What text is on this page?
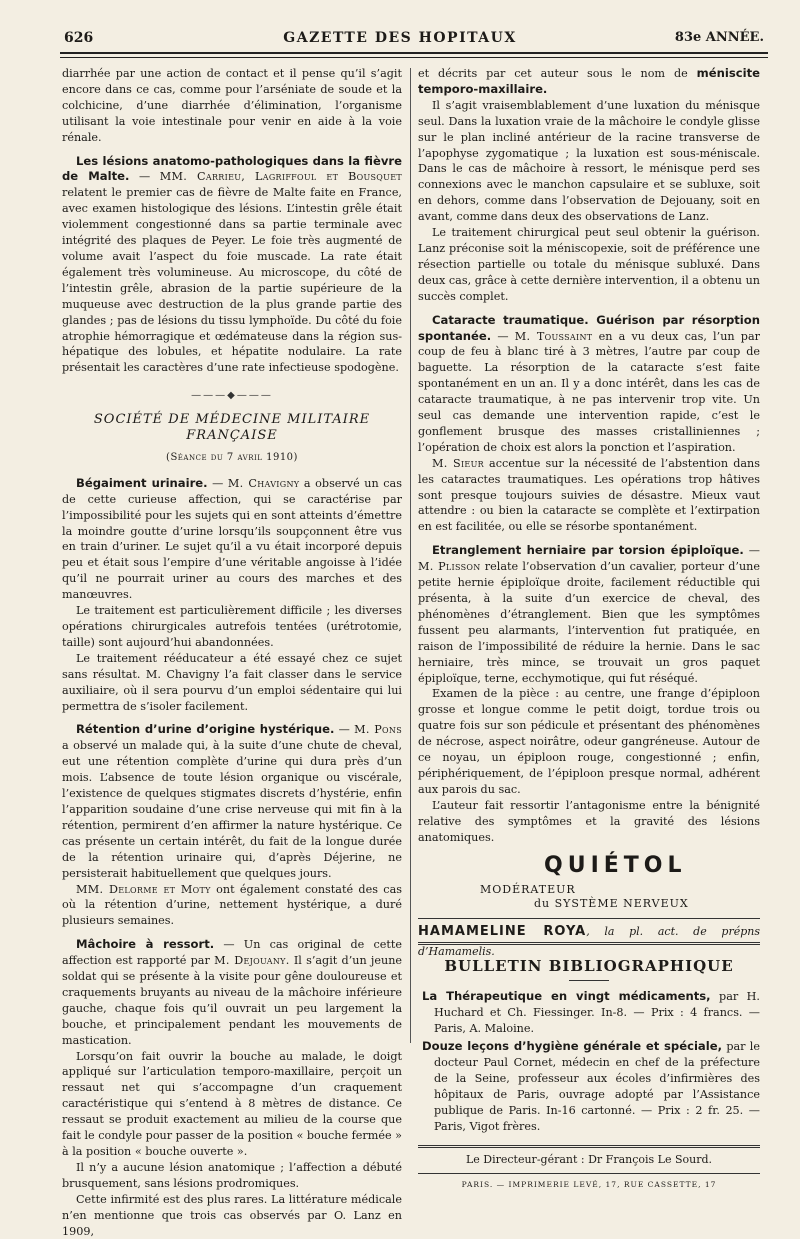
626	GAZETTE DES HOPITAUX	83e ANNÉE.

diarrhée par une action de contact et il pense qu’il s’agit encore dans ce cas, comme pour l’arséniate de soude et la colchicine, d’une diarrhée d’élimination, l’organisme utilisant la voie intestinale pour venir en aide à la voie rénale.

Les lésions anatomo-pathologiques dans la fièvre de Malte. — MM. Carrieu, Lagriffoul et Bousquet relatent le premier cas de fièvre de Malte faite en France, avec examen histologique des lésions. L’intestin grêle était violemment congestionné dans sa partie terminale avec intégrité des plaques de Peyer. Le foie très augmenté de volume avait l’aspect du foie muscade. La rate était également très volumineuse. Au microscope, du côté de l’intestin grêle, abrasion de la partie supérieure de la muqueuse avec destruction de la plus grande partie des glandes ; pas de lésions du tissu lymphoïde. Du côté du foie atrophie hémorragique et œdémateuse dans la région sus-hépatique des lobules, et hépatite nodulaire. La rate présentait les caractères d’une rate infectieuse spodogène.

———◆———
SOCIÉTÉ DE MÉDECINE MILITAIRE FRANÇAISE
(Séance du 7 avril 1910)

Bégaiment urinaire. — M. Chavigny a observé un cas de cette curieuse affection, qui se caractérise par l’impossibilité pour les sujets qui en sont atteints d’émettre la moindre goutte d’urine lorsqu’ils soupçonnent être vus en train d’uriner. Le sujet qu’il a vu était incorporé depuis peu et était sous l’empire d’une véritable angoisse à l’idée qu’il ne pourrait uriner au cours des marches et des manœuvres.

Le traitement est particulièrement difficile ; les diverses opérations chirurgicales autrefois tentées (urétrotomie, taille) sont aujourd’hui abandonnées.

Le traitement rééducateur a été essayé chez ce sujet sans résultat. M. Chavigny l’a fait classer dans le service auxiliaire, où il sera pourvu d’un emploi sédentaire qui lui permettra de s’isoler facilement.

Rétention d’urine d’origine hystérique. — M. Pons a observé un malade qui, à la suite d’une chute de cheval, eut une rétention complète d’urine qui dura près d’un mois. L’absence de toute lésion organique ou viscérale, l’existence de quelques stigmates discrets d’hystérie, enfin l’apparition soudaine d’une crise nerveuse qui mit fin à la rétention, permirent d’en affirmer la nature hystérique. Ce cas présente un certain intérêt, du fait de la longue durée de la rétention urinaire qui, d’après Déjerine, ne persisterait habituellement que quelques jours.

MM. Delorme et Moty ont également constaté des cas où la rétention d’urine, nettement hystérique, a duré plusieurs semaines.

Mâchoire à ressort. — Un cas original de cette affection est rapporté par M. Dejouany. Il s’agit d’un jeune soldat qui se présente à la visite pour gêne douloureuse et craquements bruyants au niveau de la mâchoire inférieure gauche, chaque fois qu’il ouvrait un peu largement la bouche, et principalement pendant les mouvements de mastication.

Lorsqu’on fait ouvrir la bouche au malade, le doigt appliqué sur l’articulation temporo-maxillaire, perçoit un ressaut net qui s’accompagne d’un craquement caractéristique qui s’entend à 8 mètres de distance. Ce ressaut se produit exactement au milieu de la course que fait le condyle pour passer de la position « bouche fermée » à la position « bouche ouverte ».

Il n’y a aucune lésion anatomique ; l’affection a débuté brusquement, sans lésions prodromiques.

Cette infirmité est des plus rares. La littérature médicale n’en mentionne que trois cas observés par O. Lanz en 1909,

et décrits par cet auteur sous le nom de méniscite temporo-maxillaire.

Il s’agit vraisemblablement d’une luxation du ménisque seul. Dans la luxation vraie de la mâchoire le condyle glisse sur le plan incliné antérieur de la racine transverse de l’apophyse zygomatique ; la luxation est sous-méniscale. Dans le cas de mâchoire à ressort, le ménisque perd ses connexions avec le manchon capsulaire et se subluxe, soit en dehors, comme dans l’observation de Dejouany, soit en avant, comme dans deux des observations de Lanz.

Le traitement chirurgical peut seul obtenir la guérison. Lanz préconise soit la méniscopexie, soit de préférence une résection partielle ou totale du ménisque subluxé. Dans deux cas, grâce à cette dernière intervention, il a obtenu un succès complet.

Cataracte traumatique. Guérison par résorption spontanée. — M. Toussaint en a vu deux cas, l’un par coup de feu à blanc tiré à 3 mètres, l’autre par coup de baguette. La résorption de la cataracte s’est faite spontanément en un an. Il y a donc intérêt, dans les cas de cataracte traumatique, à ne pas intervenir trop vite. Un seul cas demande une intervention rapide, c’est le gonflement brusque des masses cristalliniennes ; l’opération de choix est alors la ponction et l’aspiration.

M. Sieur accentue sur la nécessité de l’abstention dans les cataractes traumatiques. Les opérations trop hâtives sont presque toujours suivies de désastre. Mieux vaut attendre : ou bien la cataracte se complète et l’extirpation en est facilitée, ou elle se résorbe spontanément.

Etranglement herniaire par torsion épiploïque. — M. Plisson relate l’observation d’un cavalier, porteur d’une petite hernie épiploïque droite, facilement réductible qui présenta, à la suite d’un exercice de cheval, des phénomènes d’étranglement. Bien que les symptômes fussent peu alarmants, l’intervention fut pratiquée, en raison de l’impossibilité de réduire la hernie. Dans le sac herniaire, très mince, se trouvait un gros paquet épiploïque, terne, ecchymotique, qui fut réséqué.

Examen de la pièce : au centre, une frange d’épiploon grosse et longue comme le petit doigt, tordue trois ou quatre fois sur son pédicule et présentant des phénomènes de nécrose, aspect noirâtre, odeur gangréneuse. Autour de ce noyau, un épiploon rouge, congestionné ; enfin, périphériquement, de l’épiploon presque normal, adhérent aux parois du sac.

L’auteur fait ressortir l’antagonisme entre la bénignité relative des symptômes et la gravité des lésions anatomiques.

QUIÉTOL
MODÉRATEUR
du SYSTÈME NERVEUX
HAMAMELINE ROYA, la pl. act. de prépns d’Hamamelis.
BULLETIN BIBLIOGRAPHIQUE

La Thérapeutique en vingt médicaments, par H. Huchard et Ch. Fiessinger. In-8. — Prix : 4 francs. — Paris, A. Maloine.

Douze leçons d’hygiène générale et spéciale, par le docteur Paul Cornet, médecin en chef de la préfecture de la Seine, professeur aux écoles d’infirmières des hôpitaux de Paris, ouvrage adopté par l’Assistance publique de Paris. In-16 cartonné. — Prix : 2 fr. 25. — Paris, Vigot frères.

Le Directeur-gérant : Dr François Le Sourd.
PARIS. — IMPRIMERIE LEVÉ, 17, RUE CASSETTE, 17
